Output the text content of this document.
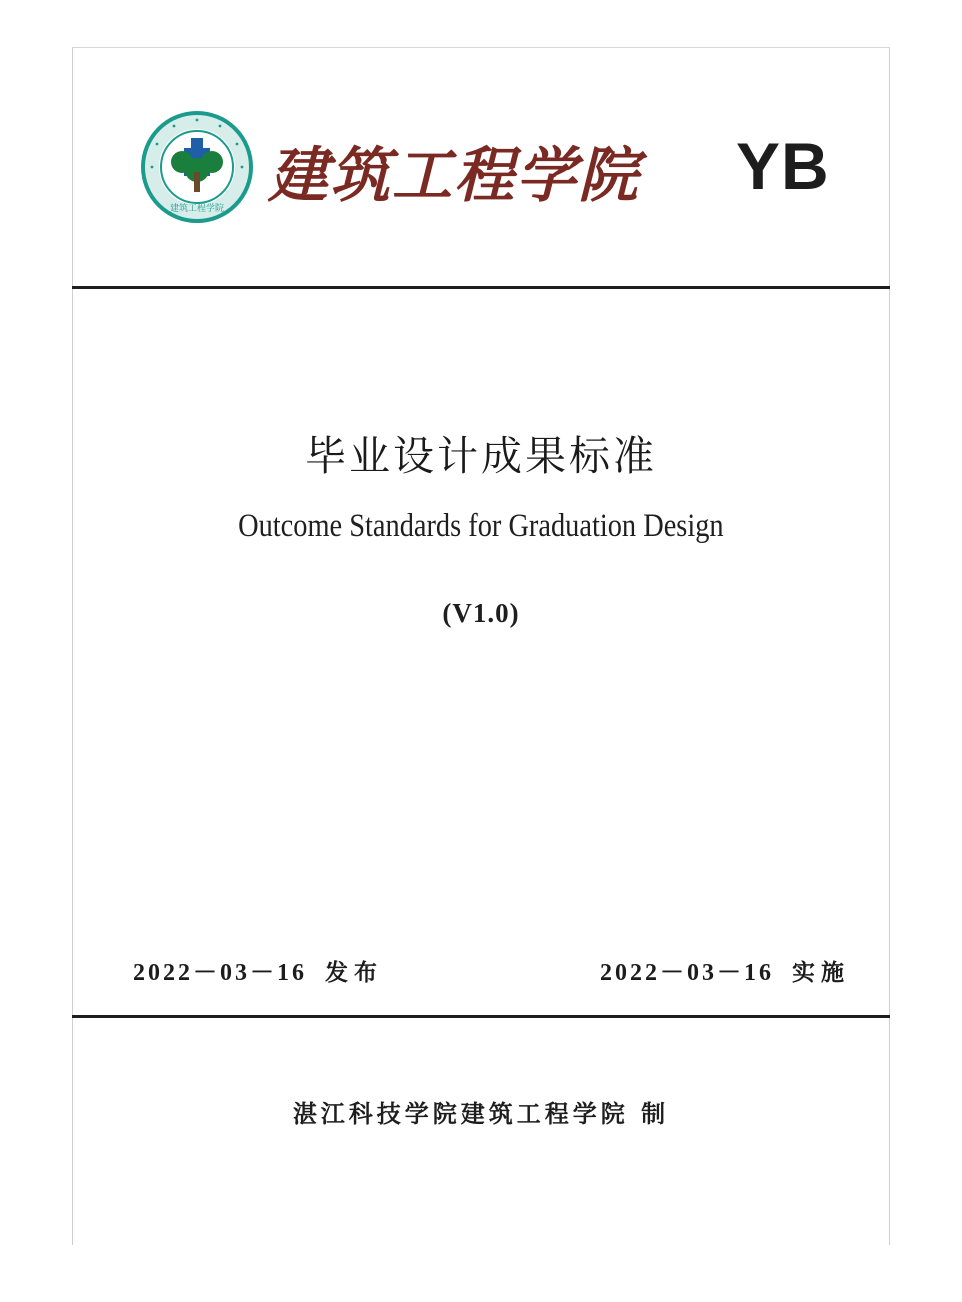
建筑工程学院 建筑工程学院 YB
毕业设计成果标准
Outcome Standards for Graduation Design
(V1.0)
2022－03－16 发布	2022－03－16 实施
湛江科技学院建筑工程学院 制
